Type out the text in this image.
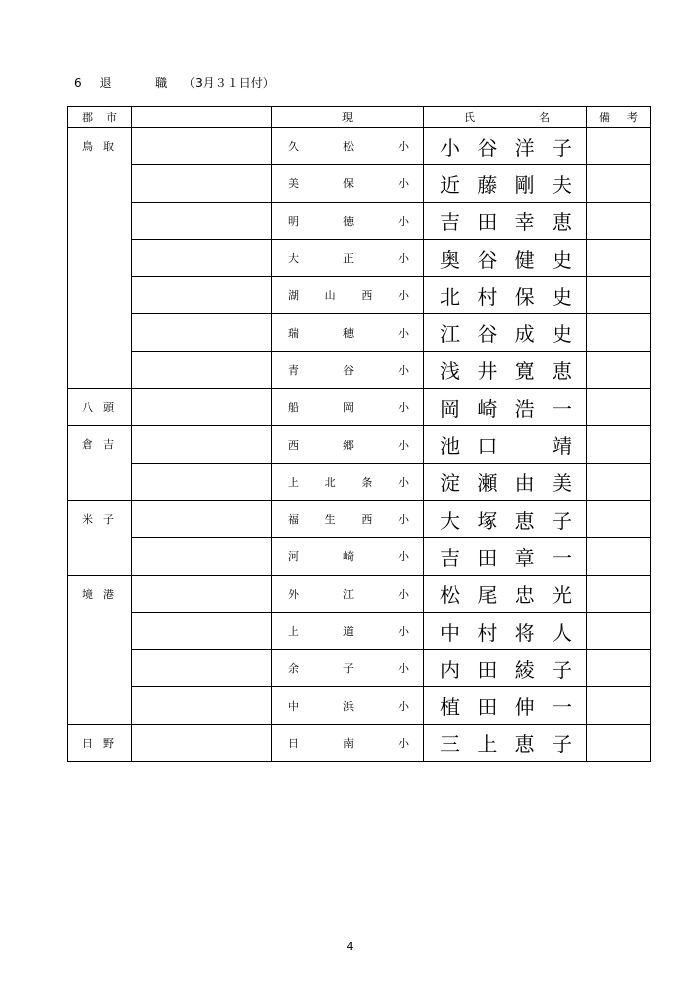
6 退 職 （3月３１日付）
郡 市		現	氏 名	備 考

鳥取		久 松 小	小 谷 洋 子	

		美 保 小	近 藤 剛 夫	

		明 徳 小	吉 田 幸 恵	

		大 正 小	奥 谷 健 史	

		湖 山 西 小	北 村 保 史	

		瑞 穂 小	江 谷 成 史	

		青 谷 小	浅 井 寛 恵	

八頭		船 岡 小	岡 崎 浩 一	

倉吉		西 郷 小	池 口 靖	

		上 北 条 小	淀 瀬 由 美	

米子		福 生 西 小	大 塚 恵 子	

		河 崎 小	吉 田 章 一	

境港		外 江 小	松 尾 忠 光	

		上 道 小	中 村 将 人	

		余 子 小	内 田 綾 子	

		中 浜 小	植 田 伸 一	

日野		日 南 小	三 上 恵 子	

4
